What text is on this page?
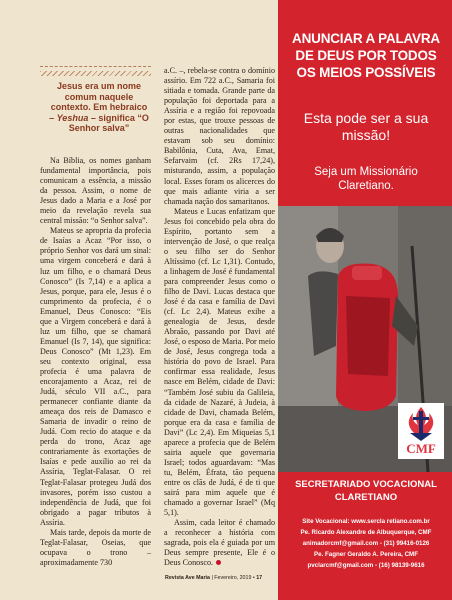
Jesus era um nome comum naquele contexto. Em hebraico – Yeshua – significa “O Senhor salva”

Na Bíblia, os nomes ganham fundamental importância, pois comunicam a essência, a missão da pessoa. Assim, o nome de Jesus dado a Maria e a José por meio da revelação revela sua central missão: “o Senhor salva”.

Mateus se apropria da profecia de Isaías a Acaz “Por isso, o próprio Senhor vos dará um sinal: uma virgem conceberá e dará à luz um filho, e o chamará Deus Conosco” (Is 7,14) e a aplica a Jesus, porque, para ele, Jesus é o cumprimento da profecia, é o Emanuel, Deus Conosco: “Eis que a Virgem conceberá e dará à luz um filho, que se chamará Emanuel (Is 7, 14), que significa: Deus Conosco” (Mt 1,23). Em seu contexto original, essa profecia é uma palavra de encorajamento a Acaz, rei de Judá, século VII a.C., para permanecer confiante diante da ameaça dos reis de Damasco e Samaria de invadir o reino de Judá. Com recio do ataque e da perda do trono, Acaz age contrariamente às exortações de Isaías e pede auxílio ao rei da Assíria, Teglat-Falasar. O rei Teglat-Falasar protegeu Judá dos invasores, porém isso custou a independência de Judá, que foi obrigado a pagar tributos à Assíria.

Mais tarde, depois da morte de Teglat-Falasar, Oseias, que ocupava o trono – aproximadamente 730

a.C. –, rebela-se contra o domínio assírio. Em 722 a.C., Samaria foi sitiada e tomada. Grande parte da população foi deportada para a Assíria e a região foi repovoada por estas, que trouxe pessoas de outras nacionalidades que estavam sob seu domínio: Babilônia, Cuta, Ava, Emat, Sefarvaim (cf. 2Rs 17,24), misturando, assim, a população local. Esses foram os alicerces do que mais adiante viria a ser chamada nação dos samaritanos.

Mateus e Lucas enfatizam que Jesus foi concebido pela obra do Espírito, portanto sem a intervenção de José, o que realça o seu filho ser do Senhor Altíssimo (cf. Lc 1,31). Contudo, a linhagem de José é fundamental para compreender Jesus como o filho de Davi. Lucas destaca que José é da casa e família de Davi (cf. Lc 2,4). Mateus exibe a genealogia de Jesus, desde Abraão, passando por Davi até José, o esposo de Maria. Por meio de José, Jesus congrega toda a história do povo de Israel. Para confirmar essa realidade, Jesus nasce em Belém, cidade de Davi: “Também José subiu da Galileia, da cidade de Nazaré, à Judeia, à cidade de Davi, chamada Belém, porque era da casa e família de Davi” (Lc 2,4). Em Miqueias 5,1 aparece a profecia que de Belém sairia aquele que governaria Israel; todos aguardavam: “Mas tu, Belém, Éfrata, tão pequena entre os clãs de Judá, é de ti que sairá para mim aquele que é chamado a governar Israel” (Mq 5,1).

Assim, cada leitor é chamado a reconhecer a história com sagrada, pois ela é guiada por um Deus sempre presente, Ele é o Deus Conosco.

Revista Ave Maria | Fevereiro, 2019 • 17
ANUNCIAR A PALAVRA DE DEUS POR TODOS OS MEIOS POSSÍVEIS
Esta pode ser a sua missão!
Seja um Missionário Claretiano.
CMF
SECRETARIADO VOCACIONAL CLARETIANO
Site Vocacional: www.sercla retiano.com.br
Pe. Ricardo Alexandre de Albuquerque, CMF
animadorcmf@gmail.com - (31) 99416-0126
Pe. Fagner Geraldo A. Pereira, CMF
pvclarcmf@gmail.com - (16) 98139-9616
